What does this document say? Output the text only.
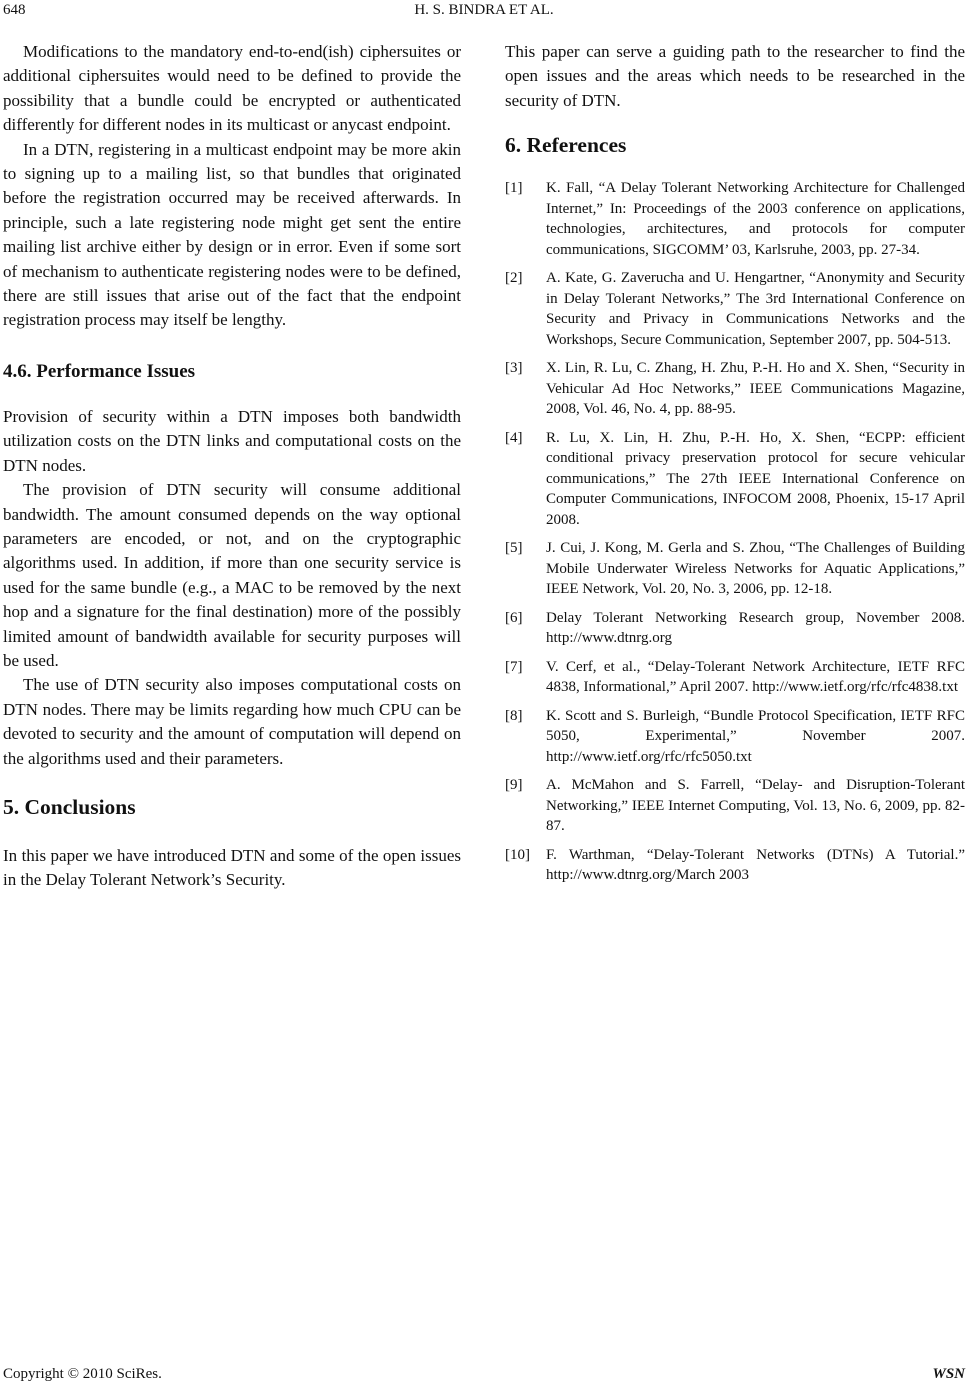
648	H. S. BINDRA ET AL.

Modifications to the mandatory end-to-end(ish) ciphersuites or additional ciphersuites would need to be defined to provide the possibility that a bundle could be encrypted or authenticated differently for different nodes in its multicast or anycast endpoint.

In a DTN, registering in a multicast endpoint may be more akin to signing up to a mailing list, so that bundles that originated before the registration occurred may be received afterwards. In principle, such a late registering node might get sent the entire mailing list archive either by design or in error. Even if some sort of mechanism to authenticate registering nodes were to be defined, there are still issues that arise out of the fact that the endpoint registration process may itself be lengthy.

4.6. Performance Issues

Provision of security within a DTN imposes both bandwidth utilization costs on the DTN links and computational costs on the DTN nodes.

The provision of DTN security will consume additional bandwidth. The amount consumed depends on the way optional parameters are encoded, or not, and on the cryptographic algorithms used. In addition, if more than one security service is used for the same bundle (e.g., a MAC to be removed by the next hop and a signature for the final destination) more of the possibly limited amount of bandwidth available for security purposes will be used.

The use of DTN security also imposes computational costs on DTN nodes. There may be limits regarding how much CPU can be devoted to security and the amount of computation will depend on the algorithms used and their parameters.

5. Conclusions

In this paper we have introduced DTN and some of the open issues in the Delay Tolerant Network’s Security.

This paper can serve a guiding path to the researcher to find the open issues and the areas which needs to be researched in the security of DTN.

6. References
[1] K. Fall, “A Delay Tolerant Networking Architecture for Challenged Internet,” In: Proceedings of the 2003 conference on applications, technologies, architectures, and protocols for computer communications, SIGCOMM’ 03, Karlsruhe, 2003, pp. 27-34.
[2] A. Kate, G. Zaverucha and U. Hengartner, “Anonymity and Security in Delay Tolerant Networks,” The 3rd International Conference on Security and Privacy in Communications Networks and the Workshops, Secure Communication, September 2007, pp. 504-513.
[3] X. Lin, R. Lu, C. Zhang, H. Zhu, P.-H. Ho and X. Shen, “Security in Vehicular Ad Hoc Networks,” IEEE Communications Magazine, 2008, Vol. 46, No. 4, pp. 88-95.
[4] R. Lu, X. Lin, H. Zhu, P.-H. Ho, X. Shen, “ECPP: efficient conditional privacy preservation protocol for secure vehicular communications,” The 27th IEEE International Conference on Computer Communications, INFOCOM 2008, Phoenix, 15-17 April 2008.
[5] J. Cui, J. Kong, M. Gerla and S. Zhou, “The Challenges of Building Mobile Underwater Wireless Networks for Aquatic Applications,” IEEE Network, Vol. 20, No. 3, 2006, pp. 12-18.
[6] Delay Tolerant Networking Research group, November 2008. http://www.dtnrg.org
[7] V. Cerf, et al., “Delay-Tolerant Network Architecture, IETF RFC 4838, Informational,” April 2007. http://www.ietf.org/rfc/rfc4838.txt
[8] K. Scott and S. Burleigh, “Bundle Protocol Specification, IETF RFC 5050, Experimental,” November 2007. http://www.ietf.org/rfc/rfc5050.txt
[9] A. McMahon and S. Farrell, “Delay- and Disruption-Tolerant Networking,” IEEE Internet Computing, Vol. 13, No. 6, 2009, pp. 82-87.
[10] F. Warthman, “Delay-Tolerant Networks (DTNs) A Tutorial.” http://www.dtnrg.org/March 2003
Copyright © 2010 SciRes.	WSN
